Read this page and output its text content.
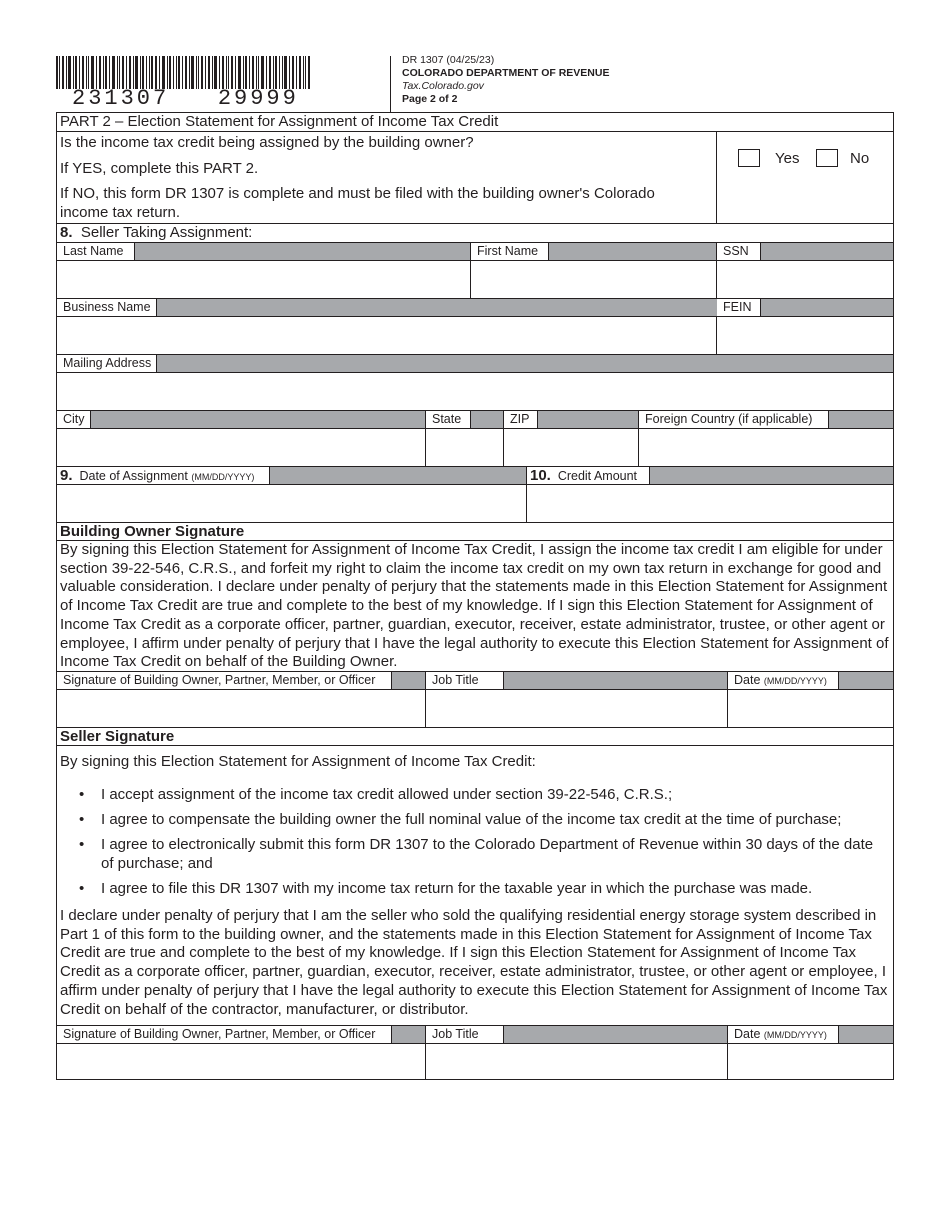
231307   29999
DR 1307 (04/25/23)
COLORADO DEPARTMENT OF REVENUE
Tax.Colorado.gov
Page 2 of 2
PART 2 – Election Statement for Assignment of Income Tax Credit
Is the income tax credit being assigned by the building owner?
If YES, complete this PART 2.
If NO, this form DR 1307 is complete and must be filed with the building owner's Colorado income tax return.
Yes	No
8. Seller Taking Assignment:
Last Name	First Name	SSN
Business Name	FEIN
Mailing Address
City	State	ZIP	Foreign Country (if applicable)
9. Date of Assignment (MM/DD/YYYY)	10. Credit Amount
Building Owner Signature
By signing this Election Statement for Assignment of Income Tax Credit, I assign the income tax credit I am eligible for under section 39-22-546, C.R.S., and forfeit my right to claim the income tax credit on my own tax return in exchange for good and valuable consideration. I declare under penalty of perjury that the statements made in this Election Statement for Assignment of Income Tax Credit are true and complete to the best of my knowledge. If I sign this Election Statement for Assignment of Income Tax Credit as a corporate officer, partner, guardian, executor, receiver, estate administrator, trustee, or other agent or employee, I affirm under penalty of perjury that I have the legal authority to execute this Election Statement for Assignment of Income Tax Credit on behalf of the Building Owner.
Signature of Building Owner, Partner, Member, or Officer	Job Title	Date (MM/DD/YYYY)
Seller Signature
By signing this Election Statement for Assignment of Income Tax Credit:
• I accept assignment of the income tax credit allowed under section 39-22-546, C.R.S.;
• I agree to compensate the building owner the full nominal value of the income tax credit at the time of purchase;
• I agree to electronically submit this form DR 1307 to the Colorado Department of Revenue within 30 days of the date of purchase; and
• I agree to file this DR 1307 with my income tax return for the taxable year in which the purchase was made.
I declare under penalty of perjury that I am the seller who sold the qualifying residential energy storage system described in Part 1 of this form to the building owner, and the statements made in this Election Statement for Assignment of Income Tax Credit are true and complete to the best of my knowledge. If I sign this Election Statement for Assignment of Income Tax Credit as a corporate officer, partner, guardian, executor, receiver, estate administrator, trustee, or other agent or employee, I affirm under penalty of perjury that I have the legal authority to execute this Election Statement for Assignment of Income Tax Credit on behalf of the contractor, manufacturer, or distributor.
Signature of Building Owner, Partner, Member, or Officer	Job Title	Date (MM/DD/YYYY)
